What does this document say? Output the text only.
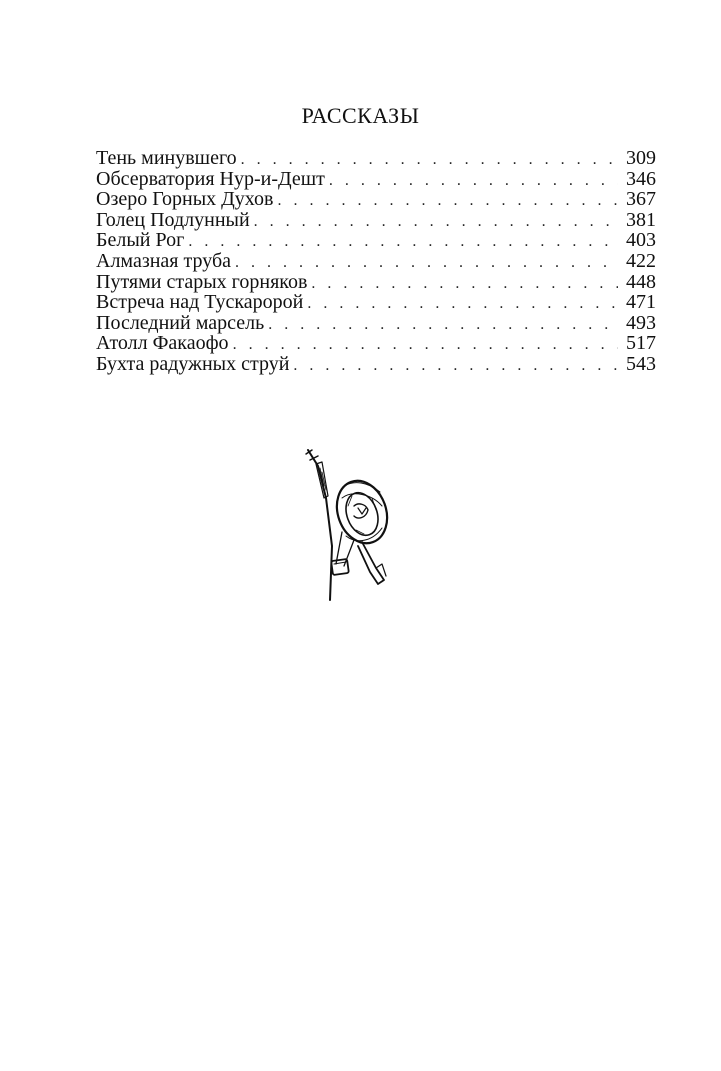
РАССКАЗЫ
Тень минувшего . . .	309
Обсерватория Нур-и-Дешт . . .	346
Озеро Горных Духов . . .	367
Голец Подлунный . . .	381
Белый Рог . . .	403
Алмазная труба . . .	422
Путями старых горняков . . .	448
Встреча над Тускаророй . . .	471
Последний марсель . . .	493
Атолл Факаофо . . .	517
Бухта радужных струй . . .	543
